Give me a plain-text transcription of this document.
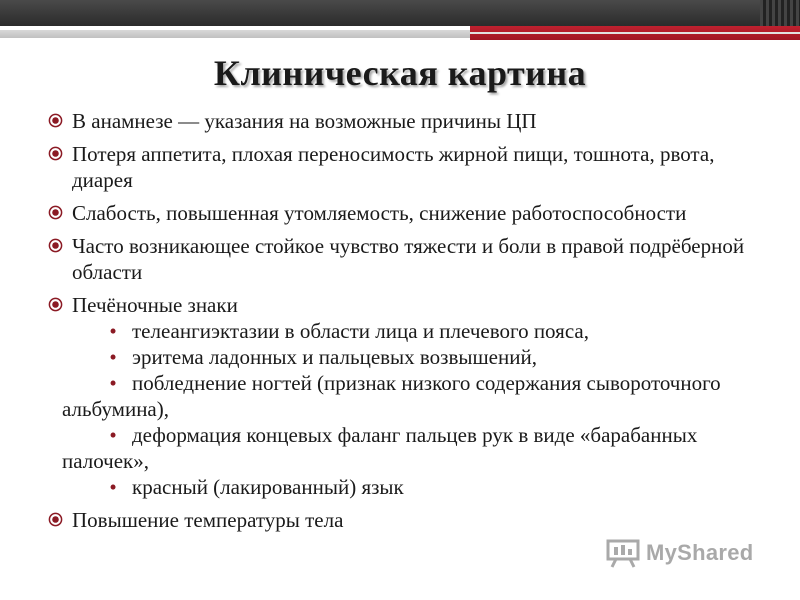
Клиническая картина
В анамнезе — указания на возможные причины ЦП
Потеря аппетита, плохая переносимость жирной пищи, тошнота, рвота, диарея
Слабость, повышенная утомляемость, снижение работоспособности
Часто возникающее стойкое чувство тяжести и боли в правой подрёберной области
Печёночные знаки
• телеангиэктазии в области лица и плечевого пояса,
• эритема ладонных и пальцевых возвышений,
• побледнение ногтей (признак низкого содержания сывороточного альбумина),
• деформация концевых фаланг пальцев рук в виде «барабанных палочек»,
• красный (лакированный) язык
Повышение температуры тела
MyShared
